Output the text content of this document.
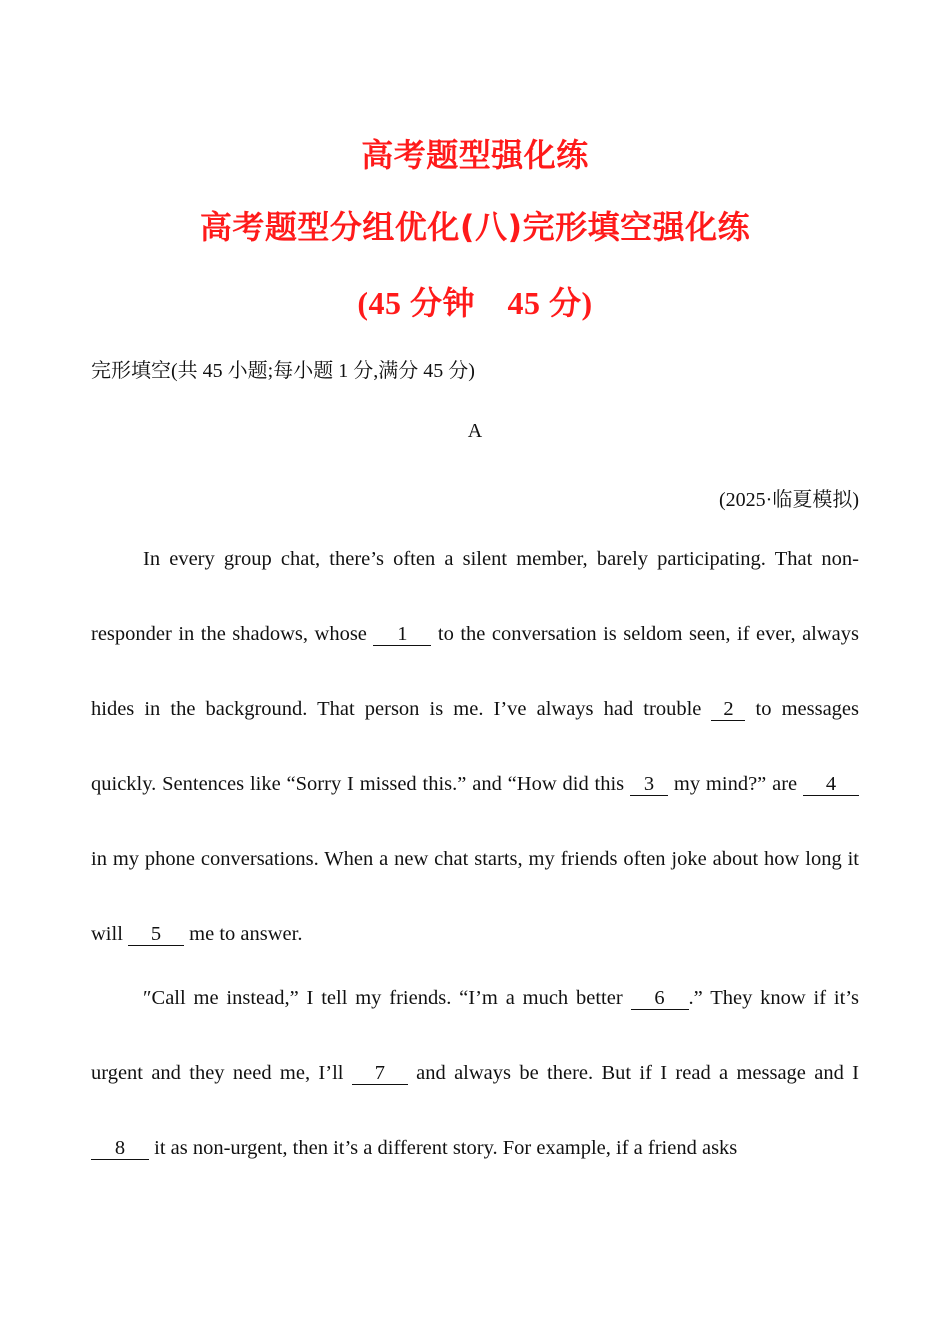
高考题型强化练
高考题型分组优化(八)完形填空强化练
(45 分钟　45 分)
完形填空(共 45 小题;每小题 1 分,满分 45 分)
A
(2025·临夏模拟)

In every group chat, there’s often a silent member, barely participating. That non-responder in the shadows, whose 1 to the conversation is seldom seen, if ever, always hides in the background. That person is me. I’ve always had trouble 2 to messages quickly. Sentences like “Sorry I missed this.” and “How did this 3 my mind?” are 4 in my phone conversations. When a new chat starts, my friends often joke about how long it will 5 me to answer.

″Call me instead,” I tell my friends. “I’m a much better 6 .” They know if it’s urgent and they need me, I’ll 7 and always be there. But if I read a message and I 8 it as non-urgent, then it’s a different story. For example, if a friend asks
